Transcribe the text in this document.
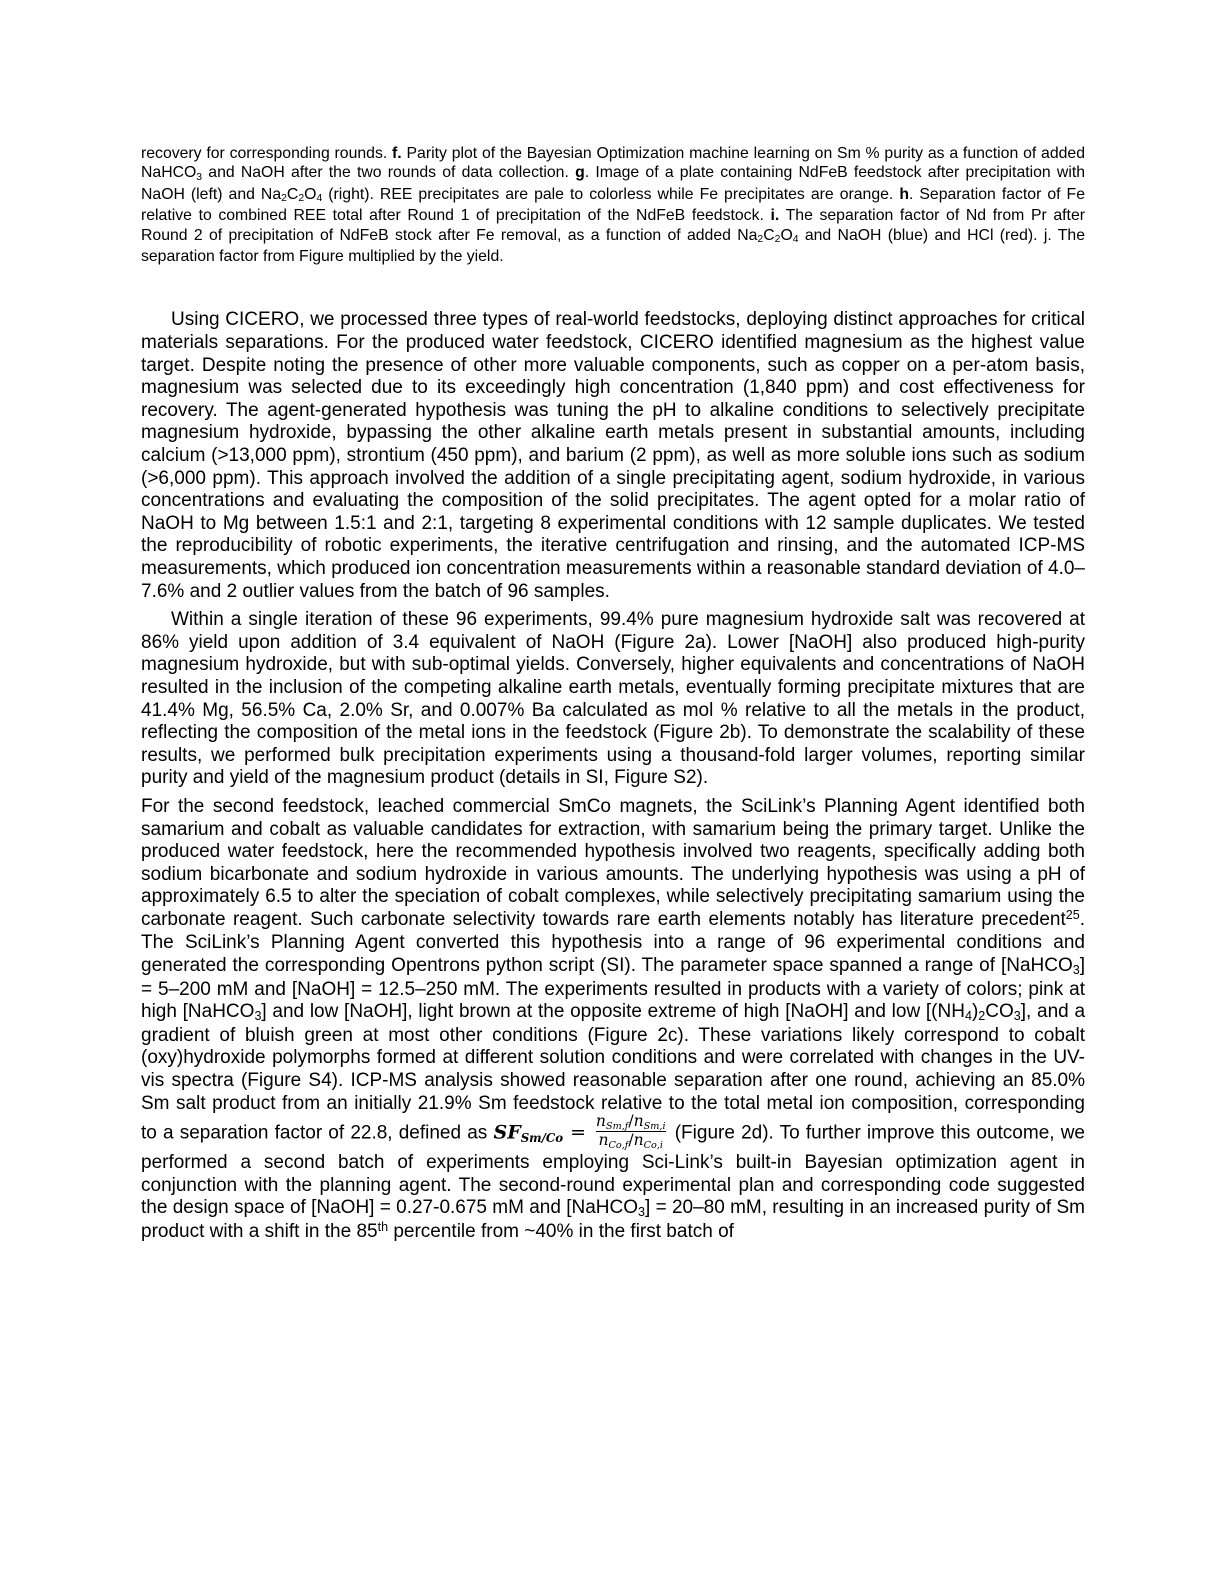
recovery for corresponding rounds. f. Parity plot of the Bayesian Optimization machine learning on Sm % purity as a function of added NaHCO3 and NaOH after the two rounds of data collection. g. Image of a plate containing NdFeB feedstock after precipitation with NaOH (left) and Na2C2O4 (right). REE precipitates are pale to colorless while Fe precipitates are orange. h. Separation factor of Fe relative to combined REE total after Round 1 of precipitation of the NdFeB feedstock. i. The separation factor of Nd from Pr after Round 2 of precipitation of NdFeB stock after Fe removal, as a function of added Na2C2O4 and NaOH (blue) and HCl (red). j. The separation factor from Figure multiplied by the yield.

Using CICERO, we processed three types of real-world feedstocks, deploying distinct approaches for critical materials separations. For the produced water feedstock, CICERO identified magnesium as the highest value target. Despite noting the presence of other more valuable components, such as copper on a per-atom basis, magnesium was selected due to its exceedingly high concentration (1,840 ppm) and cost effectiveness for recovery. The agent-generated hypothesis was tuning the pH to alkaline conditions to selectively precipitate magnesium hydroxide, bypassing the other alkaline earth metals present in substantial amounts, including calcium (>13,000 ppm), strontium (450 ppm), and barium (2 ppm), as well as more soluble ions such as sodium (>6,000 ppm). This approach involved the addition of a single precipitating agent, sodium hydroxide, in various concentrations and evaluating the composition of the solid precipitates. The agent opted for a molar ratio of NaOH to Mg between 1.5:1 and 2:1, targeting 8 experimental conditions with 12 sample duplicates. We tested the reproducibility of robotic experiments, the iterative centrifugation and rinsing, and the automated ICP-MS measurements, which produced ion concentration measurements within a reasonable standard deviation of 4.0–7.6% and 2 outlier values from the batch of 96 samples.

Within a single iteration of these 96 experiments, 99.4% pure magnesium hydroxide salt was recovered at 86% yield upon addition of 3.4 equivalent of NaOH (Figure 2a). Lower [NaOH] also produced high-purity magnesium hydroxide, but with sub-optimal yields. Conversely, higher equivalents and concentrations of NaOH resulted in the inclusion of the competing alkaline earth metals, eventually forming precipitate mixtures that are 41.4% Mg, 56.5% Ca, 2.0% Sr, and 0.007% Ba calculated as mol % relative to all the metals in the product, reflecting the composition of the metal ions in the feedstock (Figure 2b). To demonstrate the scalability of these results, we performed bulk precipitation experiments using a thousand-fold larger volumes, reporting similar purity and yield of the magnesium product (details in SI, Figure S2).

For the second feedstock, leached commercial SmCo magnets, the SciLink’s Planning Agent identified both samarium and cobalt as valuable candidates for extraction, with samarium being the primary target. Unlike the produced water feedstock, here the recommended hypothesis involved two reagents, specifically adding both sodium bicarbonate and sodium hydroxide in various amounts. The underlying hypothesis was using a pH of approximately 6.5 to alter the speciation of cobalt complexes, while selectively precipitating samarium using the carbonate reagent. Such carbonate selectivity towards rare earth elements notably has literature precedent$^{25}$. The SciLink’s Planning Agent converted this hypothesis into a range of 96 experimental conditions and generated the corresponding Opentrons python script (SI). The parameter space spanned a range of [NaHCO3] = 5–200 mM and [NaOH] = 12.5–250 mM. The experiments resulted in products with a variety of colors; pink at high [NaHCO3] and low [NaOH], light brown at the opposite extreme of high [NaOH] and low [(NH4)2CO3], and a gradient of bluish green at most other conditions (Figure 2c). These variations likely correspond to cobalt (oxy)hydroxide polymorphs formed at different solution conditions and were correlated with changes in the UV-vis spectra (Figure S4). ICP-MS analysis showed reasonable separation after one round, achieving an 85.0% Sm salt product from an initially 21.9% Sm feedstock relative to the total metal ion composition, corresponding to a separation factor of 22.8, defined as SFSm/Co = $\frac{\text{nSm,f/nSm,i}}{\text{nCo,f/nCo,i}}$ (Figure 2d). To further improve this outcome, we performed a second batch of experiments employing Sci-Link’s built-in Bayesian optimization agent in conjunction with the planning agent. The second-round experimental plan and corresponding code suggested the design space of [NaOH] = 0.27-0.675 mM and [NaHCO3] = 20–80 mM, resulting in an increased purity of Sm product with a shift in the 85th percentile from ~40% in the first batch of
